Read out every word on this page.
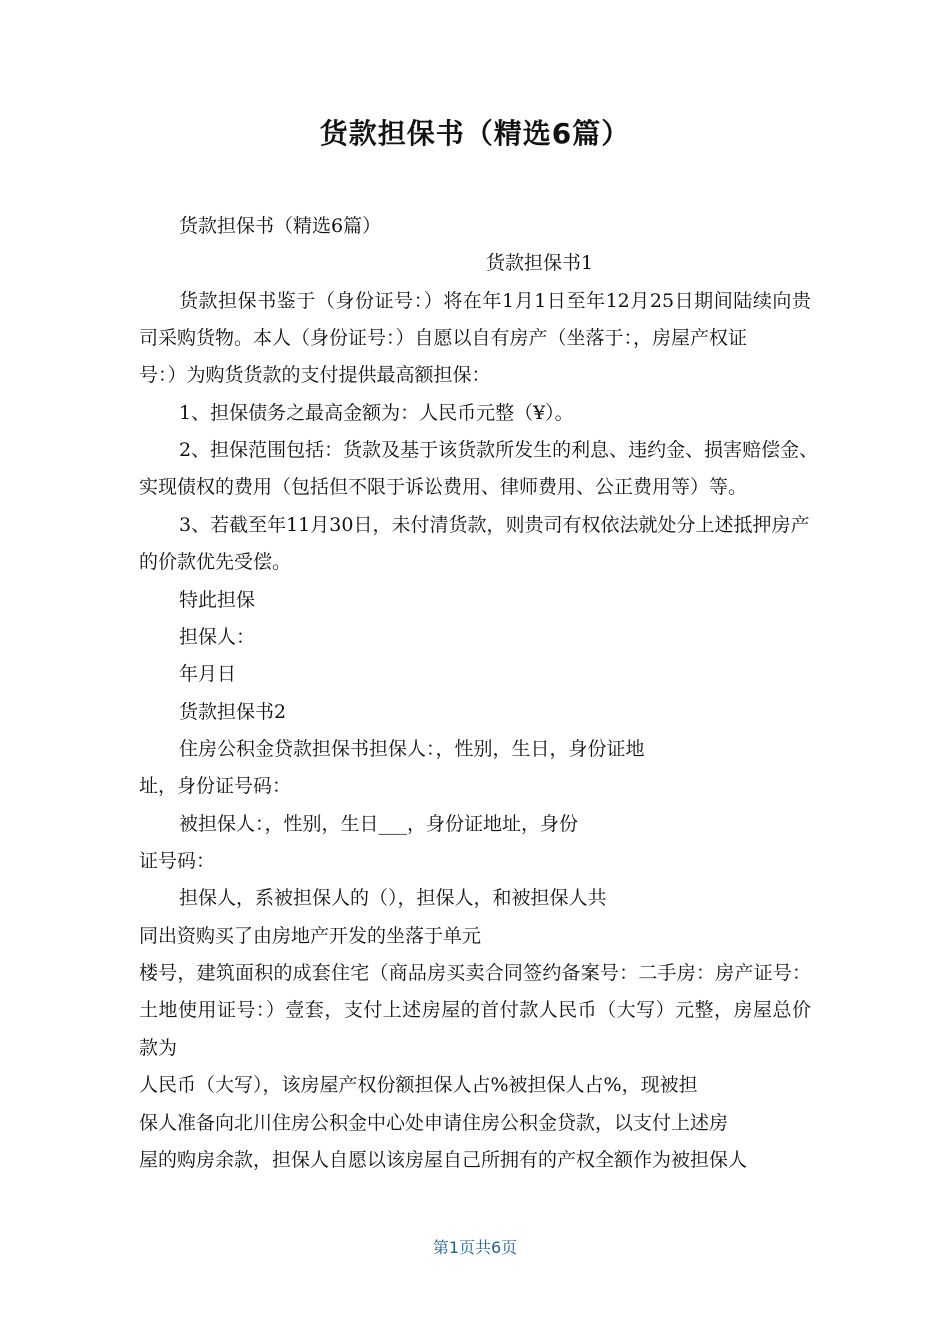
货款担保书（精选6篇）
货款担保书（精选6篇）
货款担保书1
货款担保书鉴于（身份证号：）将在年1月1日至年12月25日期间陆续向贵
司采购货物。本人（身份证号：）自愿以自有房产（坐落于：，房屋产权证
号：）为购货货款的支付提供最高额担保：
1、担保债务之最高金额为：人民币元整（¥）。
2、担保范围包括：货款及基于该货款所发生的利息、违约金、损害赔偿金、
实现债权的费用（包括但不限于诉讼费用、律师费用、公正费用等）等。
3、若截至年11月30日，未付清货款，则贵司有权依法就处分上述抵押房产
的价款优先受偿。
特此担保
担保人：
年月日
货款担保书2
住房公积金贷款担保书担保人：，性别，生日，身份证地
址，身份证号码：
被担保人：，性别，生日___，身份证地址，身份
证号码：
担保人，系被担保人的（），担保人，和被担保人共
同出资购买了由房地产开发的坐落于单元
楼号，建筑面积的成套住宅（商品房买卖合同签约备案号：二手房：房产证号：
土地使用证号：）壹套，支付上述房屋的首付款人民币（大写）元整，房屋总价
款为
人民币（大写），该房屋产权份额担保人占%被担保人占%，现被担
保人准备向北川住房公积金中心处申请住房公积金贷款，以支付上述房
屋的购房余款，担保人自愿以该房屋自己所拥有的产权全额作为被担保人
第1页共6页
